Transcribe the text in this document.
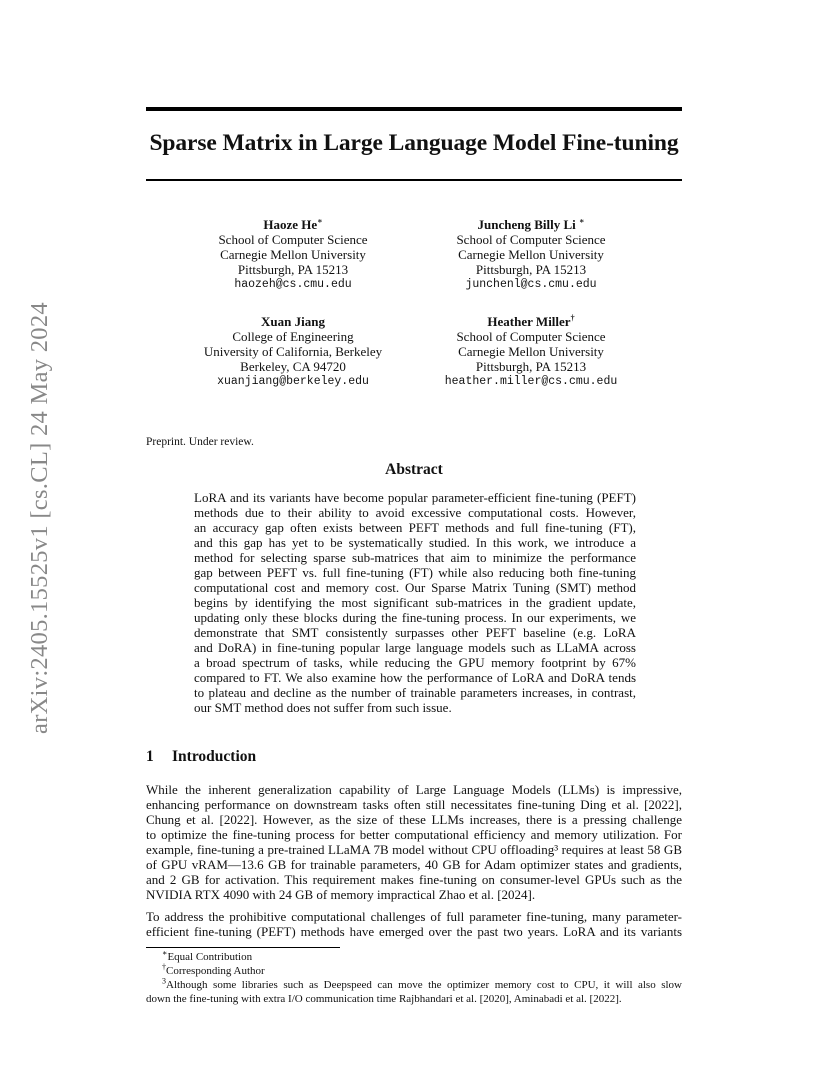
arXiv:2405.15525v1 [cs.CL] 24 May 2024
Sparse Matrix in Large Language Model Fine-tuning
Haoze He∗
School of Computer Science
Carnegie Mellon University
Pittsburgh, PA 15213
haozeh@cs.cmu.edu
Juncheng Billy Li ∗
School of Computer Science
Carnegie Mellon University
Pittsburgh, PA 15213
junchenl@cs.cmu.edu
Xuan Jiang
College of Engineering
University of California, Berkeley
Berkeley, CA 94720
xuanjiang@berkeley.edu
Heather Miller†
School of Computer Science
Carnegie Mellon University
Pittsburgh, PA 15213
heather.miller@cs.cmu.edu
Preprint. Under review.
Abstract
LoRA and its variants have become popular parameter-efficient fine-tuning (PEFT)
methods due to their ability to avoid excessive computational costs. However,
an accuracy gap often exists between PEFT methods and full fine-tuning (FT),
and this gap has yet to be systematically studied. In this work, we introduce a
method for selecting sparse sub-matrices that aim to minimize the performance
gap between PEFT vs. full fine-tuning (FT) while also reducing both fine-tuning
computational cost and memory cost. Our Sparse Matrix Tuning (SMT) method
begins by identifying the most significant sub-matrices in the gradient update,
updating only these blocks during the fine-tuning process. In our experiments, we
demonstrate that SMT consistently surpasses other PEFT baseline (e.g. LoRA
and DoRA) in fine-tuning popular large language models such as LLaMA across
a broad spectrum of tasks, while reducing the GPU memory footprint by 67%
compared to FT. We also examine how the performance of LoRA and DoRA tends
to plateau and decline as the number of trainable parameters increases, in contrast,
our SMT method does not suffer from such issue.
1 Introduction
While the inherent generalization capability of Large Language Models (LLMs) is impressive,
enhancing performance on downstream tasks often still necessitates fine-tuning Ding et al. [2022],
Chung et al. [2022]. However, as the size of these LLMs increases, there is a pressing challenge
to optimize the fine-tuning process for better computational efficiency and memory utilization. For
example, fine-tuning a pre-trained LLaMA 7B model without CPU offloading³ requires at least 58 GB
of GPU vRAM—13.6 GB for trainable parameters, 40 GB for Adam optimizer states and gradients,
and 2 GB for activation. This requirement makes fine-tuning on consumer-level GPUs such as the
NVIDIA RTX 4090 with 24 GB of memory impractical Zhao et al. [2024].
To address the prohibitive computational challenges of full parameter fine-tuning, many parameter-
efficient fine-tuning (PEFT) methods have emerged over the past two years. LoRA and its variants
∗Equal Contribution
†Corresponding Author
$^3$Although some libraries such as Deepspeed can move the optimizer memory cost to CPU, it will also slow
down the fine-tuning with extra I/O communication time Rajbhandari et al. [2020], Aminabadi et al. [2022].
